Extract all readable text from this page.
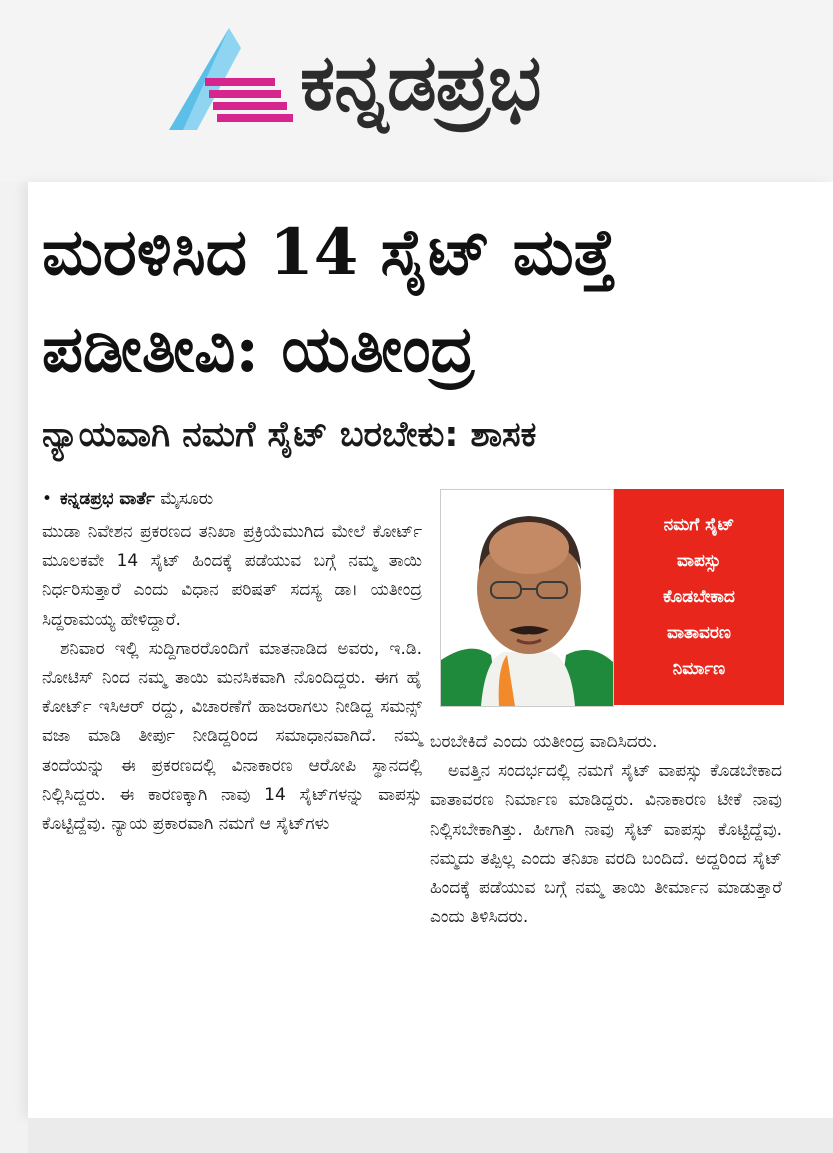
ಕನ್ನಡಪ್ರಭ
ಮರಳಿಸಿದ 14 ಸೈಟ್ ಮತ್ತೆ
ಪಡೀತೀವಿ: ಯತೀಂದ್ರ
ನ್ಯಾಯವಾಗಿ ನಮಗೆ ಸೈಟ್ ಬರಬೇಕು: ಶಾಸಕ
• ಕನ್ನಡಪ್ರಭ ವಾರ್ತೆ ಮೈಸೂರು

ಮುಡಾ ನಿವೇಶನ ಪ್ರಕರಣದ ತನಿಖಾ ಪ್ರಕ್ರಿಯೆಮುಗಿದ ಮೇಲೆ ಕೋರ್ಟ್ ಮೂಲಕವೇ 14 ಸೈಟ್ ಹಿಂದಕ್ಕೆ ಪಡೆಯುವ ಬಗ್ಗೆ ನಮ್ಮ ತಾಯಿ ನಿರ್ಧರಿಸುತ್ತಾರೆ ಎಂದು ವಿಧಾನ ಪರಿಷತ್ ಸದಸ್ಯ ಡಾ। ಯತೀಂದ್ರ ಸಿದ್ದರಾಮಯ್ಯ ಹೇಳಿದ್ದಾರೆ.

ಶನಿವಾರ ಇಲ್ಲಿ ಸುದ್ದಿಗಾರರೊಂದಿಗೆ ಮಾತನಾಡಿದ ಅವರು, ಇ.ಡಿ. ನೋಟಿಸ್ ನಿಂದ ನಮ್ಮ ತಾಯಿ ಮನಸಿಕವಾಗಿ ನೊಂದಿದ್ದರು. ಈಗ ಹೈ ಕೋರ್ಟ್ ಇಸಿಆರ್ ರದ್ದು, ವಿಚಾರಣೆಗೆ ಹಾಜರಾಗಲು ನೀಡಿದ್ದ ಸಮನ್ಸ್ ವಜಾ ಮಾಡಿ ತೀರ್ಪು ನೀಡಿದ್ದರಿಂದ ಸಮಾಧಾನವಾಗಿದೆ. ನಮ್ಮ ತಂದೆಯನ್ನು ಈ ಪ್ರಕರಣದಲ್ಲಿ ವಿನಾಕಾರಣ ಆರೋಪಿ ಸ್ಥಾನದಲ್ಲಿ ನಿಲ್ಲಿಸಿದ್ದರು. ಈ ಕಾರಣಕ್ಕಾಗಿ ನಾವು 14 ಸೈಟ್‌ಗಳನ್ನು ವಾಪಸ್ಸು ಕೊಟ್ಟಿದ್ದೆವು. ನ್ಯಾಯ ಪ್ರಕಾರವಾಗಿ ನಮಗೆ ಆ ಸೈಟ್‌ಗಳು

ನಮಗೆ ಸೈಟ್
ವಾಪಸ್ಸು
ಕೊಡಬೇಕಾದ
ವಾತಾವರಣ
ನಿರ್ಮಾಣ

ಬರಬೇಕಿದೆ ಎಂದು ಯತೀಂದ್ರ ವಾದಿಸಿದರು.

ಅವತ್ತಿನ ಸಂದರ್ಭದಲ್ಲಿ ನಮಗೆ ಸೈಟ್ ವಾಪಸ್ಸು ಕೊಡಬೇಕಾದ ವಾತಾವರಣ ನಿರ್ಮಾಣ ಮಾಡಿದ್ದರು. ವಿನಾಕಾರಣ ಟೀಕೆ ನಾವು ನಿಲ್ಲಿಸಬೇಕಾಗಿತ್ತು. ಹೀಗಾಗಿ ನಾವು ಸೈಟ್ ವಾಪಸ್ಸು ಕೊಟ್ಟಿದ್ದೆವು. ನಮ್ಮದು ತಪ್ಪಿಲ್ಲ ಎಂದು ತನಿಖಾ ವರದಿ ಬಂದಿದೆ. ಅದ್ದರಿಂದ ಸೈಟ್ ಹಿಂದಕ್ಕೆ ಪಡೆಯುವ ಬಗ್ಗೆ ನಮ್ಮ ತಾಯಿ ತೀರ್ಮಾನ ಮಾಡುತ್ತಾರೆ ಎಂದು ತಿಳಿಸಿದರು.
